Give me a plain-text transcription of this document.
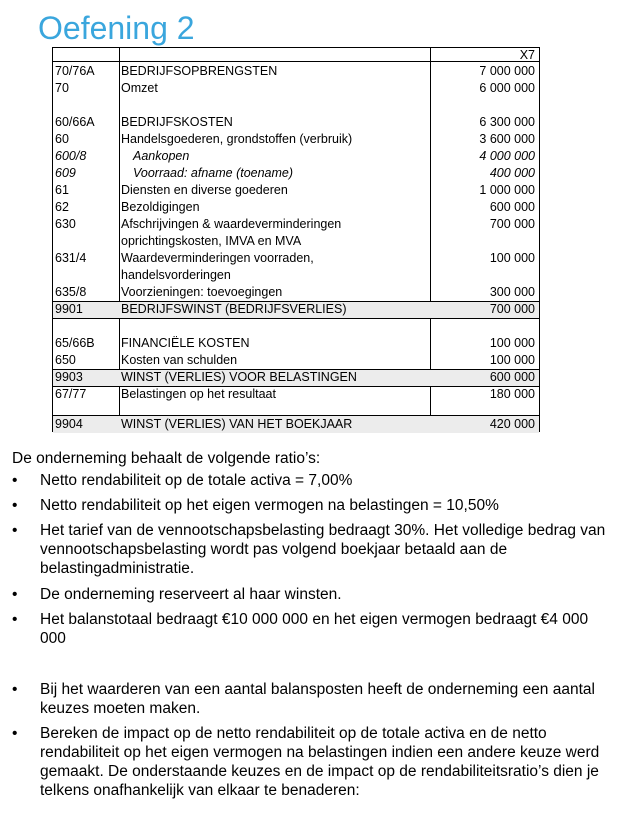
Oefening 2
X7
70/76A BEDRIJFSOPBRENGSTEN	7 000 000
70	Omzet	6 000 000
60/66A BEDRIJFSKOSTEN	6 300 000
60	Handelsgoederen, grondstoffen (verbruik)	3 600 000
600/8	Aankopen	4 000 000
609	Voorraad: afname (toename)	400 000
61	Diensten en diverse goederen	1 000 000
62	Bezoldigingen	600 000
630	Afschrijvingen & waardeverminderingen	700 000
oprichtingskosten, IMVA en MVA
631/4	Waardeverminderingen voorraden,	100 000
handelsvorderingen
635/8	Voorzieningen: toevoegingen	300 000
9901	BEDRIJFSWINST (BEDRIJFSVERLIES)	700 000
65/66B FINANCIËLE KOSTEN	100 000
650	Kosten van schulden	100 000
9903	WINST (VERLIES) VOOR BELASTINGEN	600 000
67/77	Belastingen op het resultaat	180 000
9904	WINST (VERLIES) VAN HET BOEKJAAR	420 000
De onderneming behaalt de volgende ratio’s:
• Netto rendabiliteit op de totale activa = 7,00%
• Netto rendabiliteit op het eigen vermogen na belastingen = 10,50%
• Het tarief van de vennootschapsbelasting bedraagt 30%. Het volledige bedrag van vennootschapsbelasting wordt pas volgend boekjaar betaald aan de belastingadministratie.
• De onderneming reserveert al haar winsten.
• Het balanstotaal bedraagt €10 000 000 en het eigen vermogen bedraagt €4 000 000
• Bij het waarderen van een aantal balansposten heeft de onderneming een aantal keuzes moeten maken.
• Bereken de impact op de netto rendabiliteit op de totale activa en de netto rendabiliteit op het eigen vermogen na belastingen indien een andere keuze werd gemaakt. De onderstaande keuzes en de impact op de rendabiliteitsratio’s dien je telkens onafhankelijk van elkaar te benaderen:
